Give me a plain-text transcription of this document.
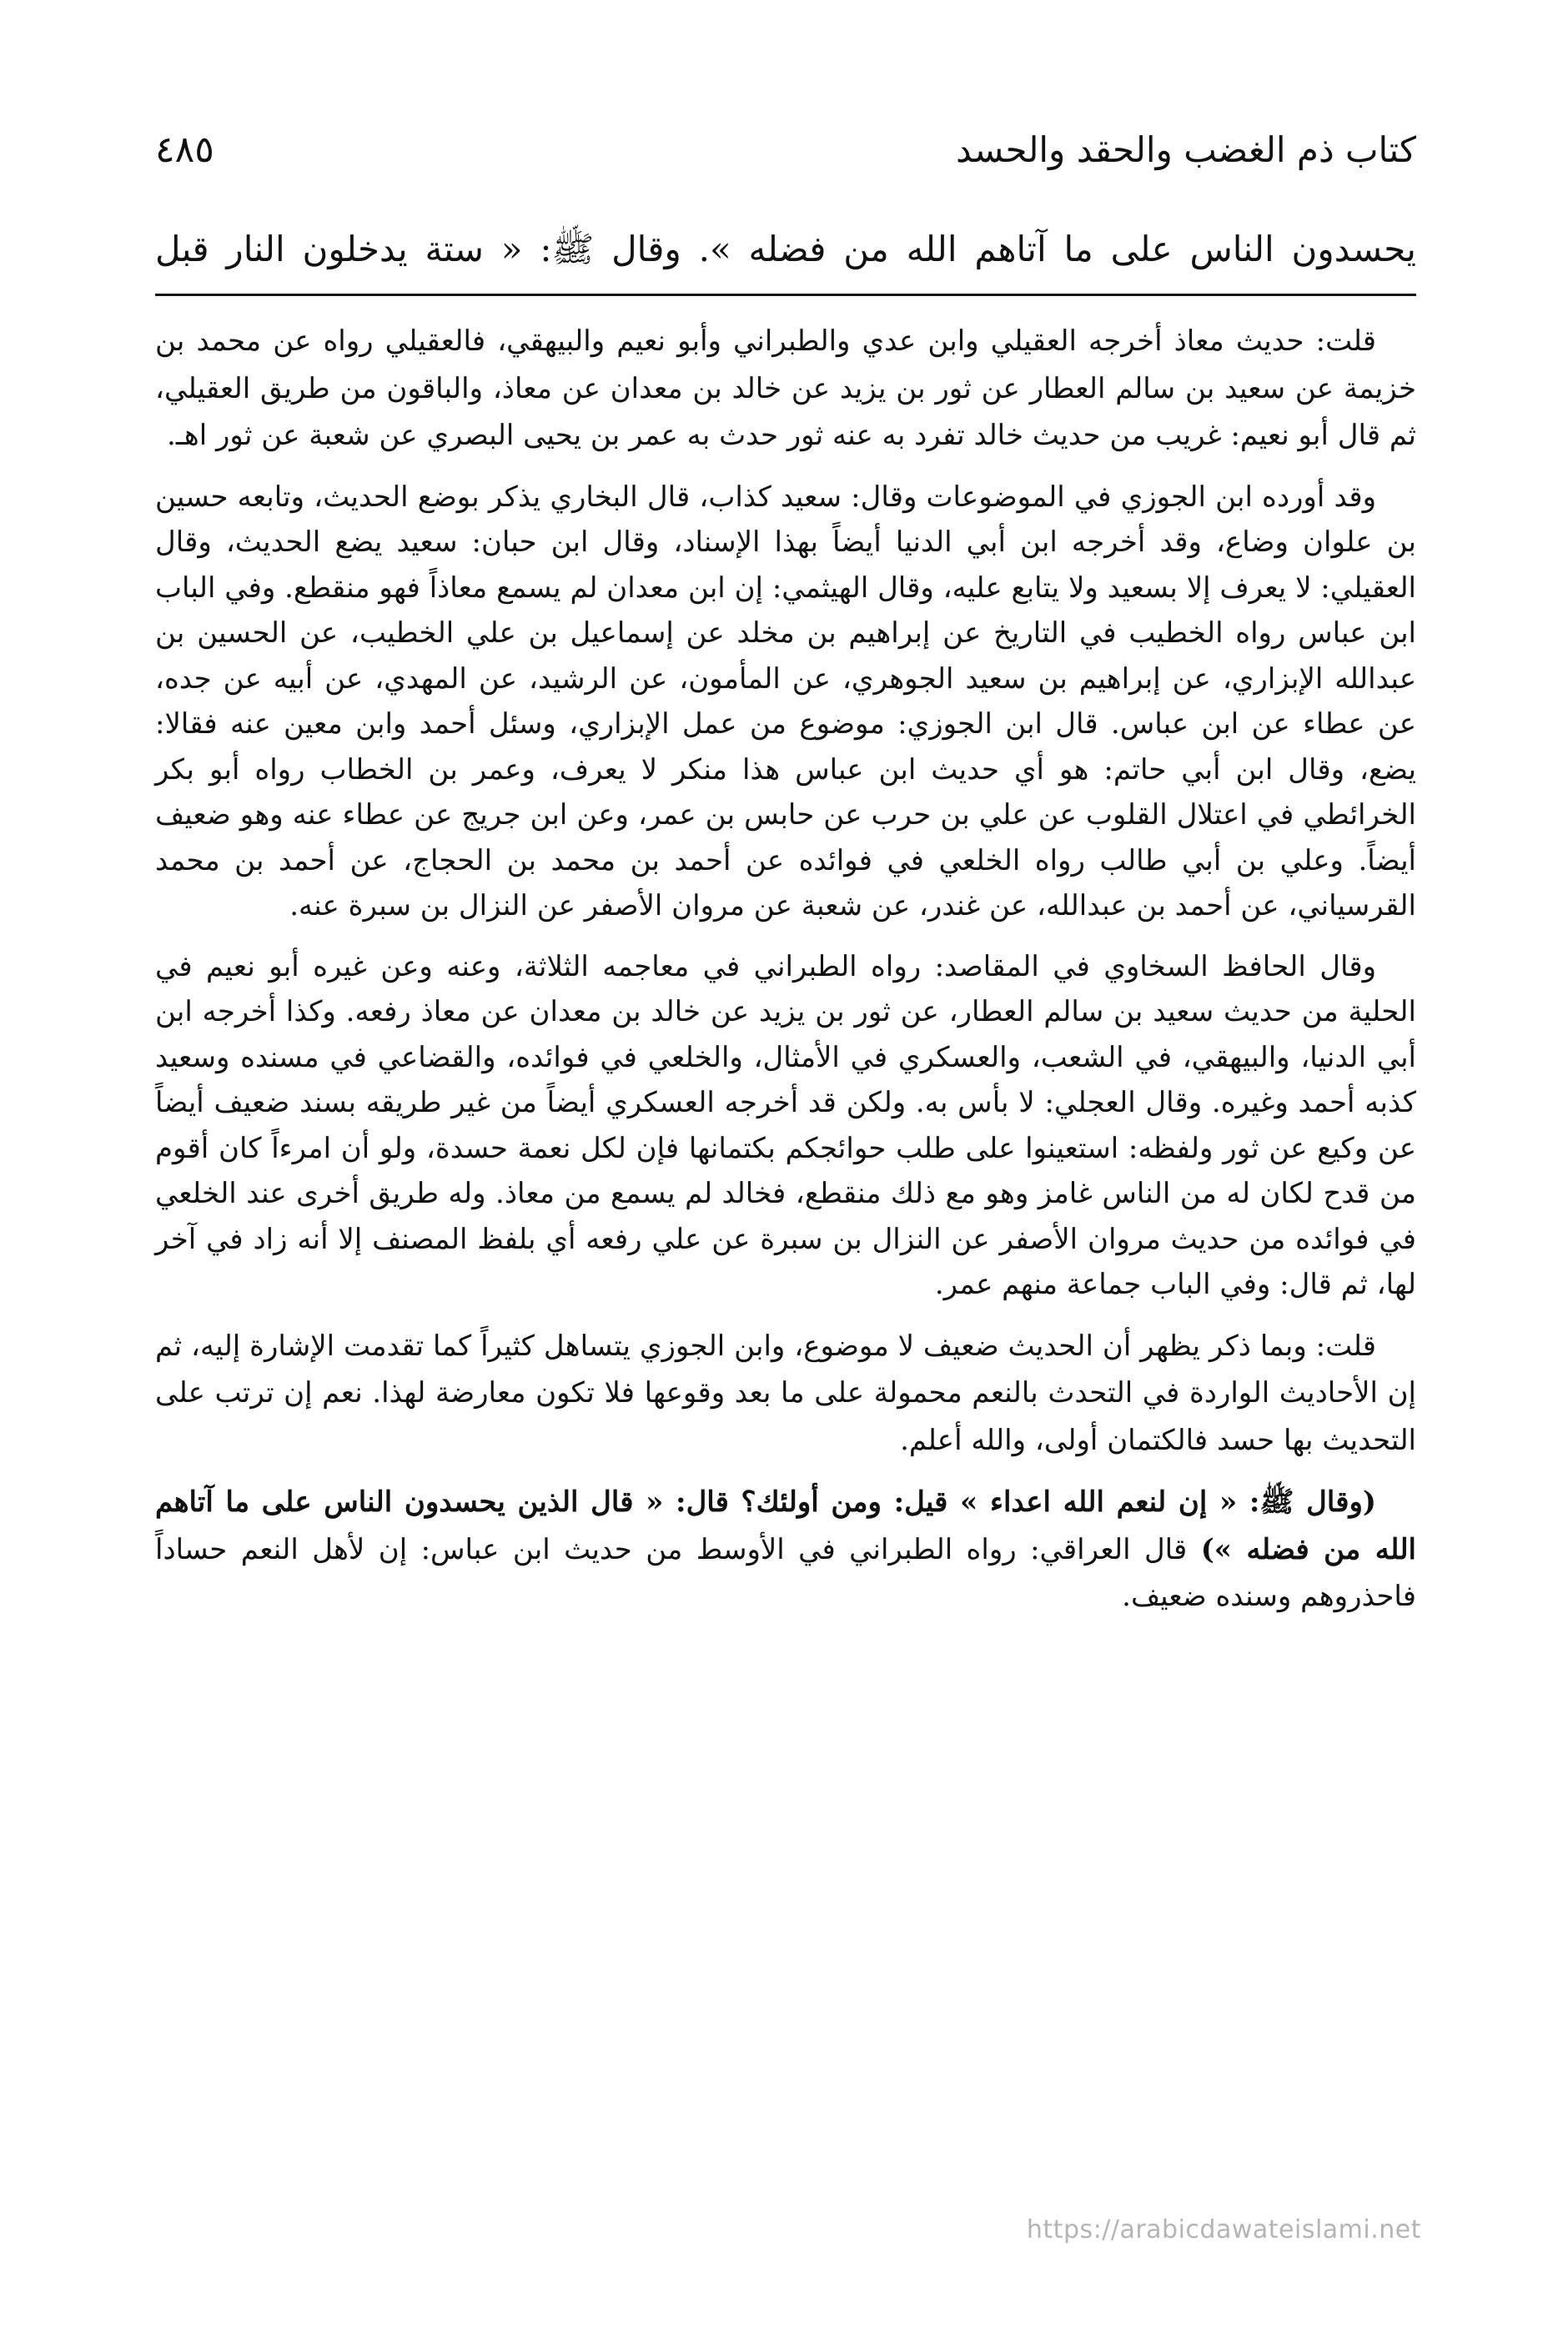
كتاب ذم الغضب والحقد والحسد
٤٨٥
يحسدون الناس على ما آتاهم الله من فضله ». وقال ﷺ: « ستة يدخلون النار قبل

قلت: حديث معاذ أخرجه العقيلي وابن عدي والطبراني وأبو نعيم والبيهقي، فالعقيلي رواه عن محمد بن خزيمة عن سعيد بن سالم العطار عن ثور بن يزيد عن خالد بن معدان عن معاذ، والباقون من طريق العقيلي، ثم قال أبو نعيم: غريب من حديث خالد تفرد به عنه ثور حدث به عمر بن يحيى البصري عن شعبة عن ثور اهـ.

وقد أورده ابن الجوزي في الموضوعات وقال: سعيد كذاب، قال البخاري يذكر بوضع الحديث، وتابعه حسين بن علوان وضاع، وقد أخرجه ابن أبي الدنيا أيضاً بهذا الإسناد، وقال ابن حبان: سعيد يضع الحديث، وقال العقيلي: لا يعرف إلا بسعيد ولا يتابع عليه، وقال الهيثمي: إن ابن معدان لم يسمع معاذاً فهو منقطع. وفي الباب ابن عباس رواه الخطيب في التاريخ عن إبراهيم بن مخلد عن إسماعيل بن علي الخطيب، عن الحسين بن عبدالله الإبزاري، عن إبراهيم بن سعيد الجوهري، عن المأمون، عن الرشيد، عن المهدي، عن أبيه عن جده، عن عطاء عن ابن عباس. قال ابن الجوزي: موضوع من عمل الإبزاري، وسئل أحمد وابن معين عنه فقالا: يضع، وقال ابن أبي حاتم: هو أي حديث ابن عباس هذا منكر لا يعرف، وعمر بن الخطاب رواه أبو بكر الخرائطي في اعتلال القلوب عن علي بن حرب عن حابس بن عمر، وعن ابن جريج عن عطاء عنه وهو ضعيف أيضاً. وعلي بن أبي طالب رواه الخلعي في فوائده عن أحمد بن محمد بن الحجاج، عن أحمد بن محمد القرسياني، عن أحمد بن عبدالله، عن غندر، عن شعبة عن مروان الأصفر عن النزال بن سبرة عنه.

وقال الحافظ السخاوي في المقاصد: رواه الطبراني في معاجمه الثلاثة، وعنه وعن غيره أبو نعيم في الحلية من حديث سعيد بن سالم العطار، عن ثور بن يزيد عن خالد بن معدان عن معاذ رفعه. وكذا أخرجه ابن أبي الدنيا، والبيهقي، في الشعب، والعسكري في الأمثال، والخلعي في فوائده، والقضاعي في مسنده وسعيد كذبه أحمد وغيره. وقال العجلي: لا بأس به. ولكن قد أخرجه العسكري أيضاً من غير طريقه بسند ضعيف أيضاً عن وكيع عن ثور ولفظه: استعينوا على طلب حوائجكم بكتمانها فإن لكل نعمة حسدة، ولو أن امرءاً كان أقوم من قدح لكان له من الناس غامز وهو مع ذلك منقطع، فخالد لم يسمع من معاذ. وله طريق أخرى عند الخلعي في فوائده من حديث مروان الأصفر عن النزال بن سبرة عن علي رفعه أي بلفظ المصنف إلا أنه زاد في آخر لها، ثم قال: وفي الباب جماعة منهم عمر.

قلت: وبما ذكر يظهر أن الحديث ضعيف لا موضوع، وابن الجوزي يتساهل كثيراً كما تقدمت الإشارة إليه، ثم إن الأحاديث الواردة في التحدث بالنعم محمولة على ما بعد وقوعها فلا تكون معارضة لهذا. نعم إن ترتب على التحديث بها حسد فالكتمان أولى، والله أعلم.

(وقال ﷺ: « إن لنعم الله اعداء » قيل: ومن أولئك؟ قال: « قال الذين يحسدون الناس على ما آتاهم الله من فضله ») قال العراقي: رواه الطبراني في الأوسط من حديث ابن عباس: إن لأهل النعم حساداً فاحذروهم وسنده ضعيف.

https://arabicdawateislami.net
